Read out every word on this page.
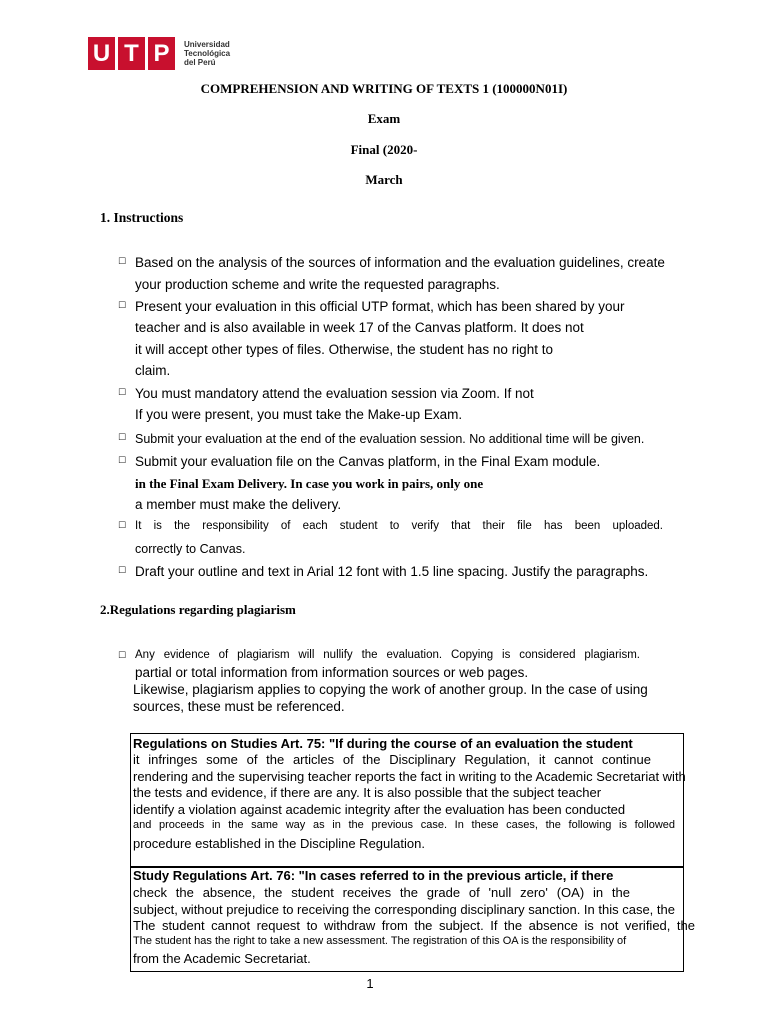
U T P	Universidad
Tecnológica
del Perú
COMPREHENSION AND WRITING OF TEXTS 1 (100000N01I)
Exam
Final (2020-
March
1. Instructions
☐ Based on the analysis of the sources of information and the evaluation guidelines, create
your production scheme and write the requested paragraphs.
☐ Present your evaluation in this official UTP format, which has been shared by your
teacher and is also available in week 17 of the Canvas platform. It does not
it will accept other types of files. Otherwise, the student has no right to
claim.
☐ You must mandatory attend the evaluation session via Zoom. If not
If you were present, you must take the Make-up Exam.
☐ Submit your evaluation at the end of the evaluation session. No additional time will be given.
☐ Submit your evaluation file on the Canvas platform, in the Final Exam module.
in the Final Exam Delivery. In case you work in pairs, only one
a member must make the delivery.
☐ It is the responsibility of each student to verify that their file has been uploaded.
correctly to Canvas.
☐ Draft your outline and text in Arial 12 font with 1.5 line spacing. Justify the paragraphs.
2.Regulations regarding plagiarism
☐ Any evidence of plagiarism will nullify the evaluation. Copying is considered plagiarism.
partial or total information from information sources or web pages.
Likewise, plagiarism applies to copying the work of another group. In the case of using
sources, these must be referenced.
Regulations on Studies Art. 75: "If during the course of an evaluation the student
it infringes some of the articles of the Disciplinary Regulation, it cannot continue
rendering and the supervising teacher reports the fact in writing to the Academic Secretariat with
the tests and evidence, if there are any. It is also possible that the subject teacher
identify a violation against academic integrity after the evaluation has been conducted
and proceeds in the same way as in the previous case. In these cases, the following is followed
procedure established in the Discipline Regulation.
Study Regulations Art. 76: "In cases referred to in the previous article, if there
check the absence, the student receives the grade of 'null zero' (OA) in the
subject, without prejudice to receiving the corresponding disciplinary sanction. In this case, the
The student cannot request to withdraw from the subject. If the absence is not verified, the
The student has the right to take a new assessment. The registration of this OA is the responsibility of
from the Academic Secretariat.
1
